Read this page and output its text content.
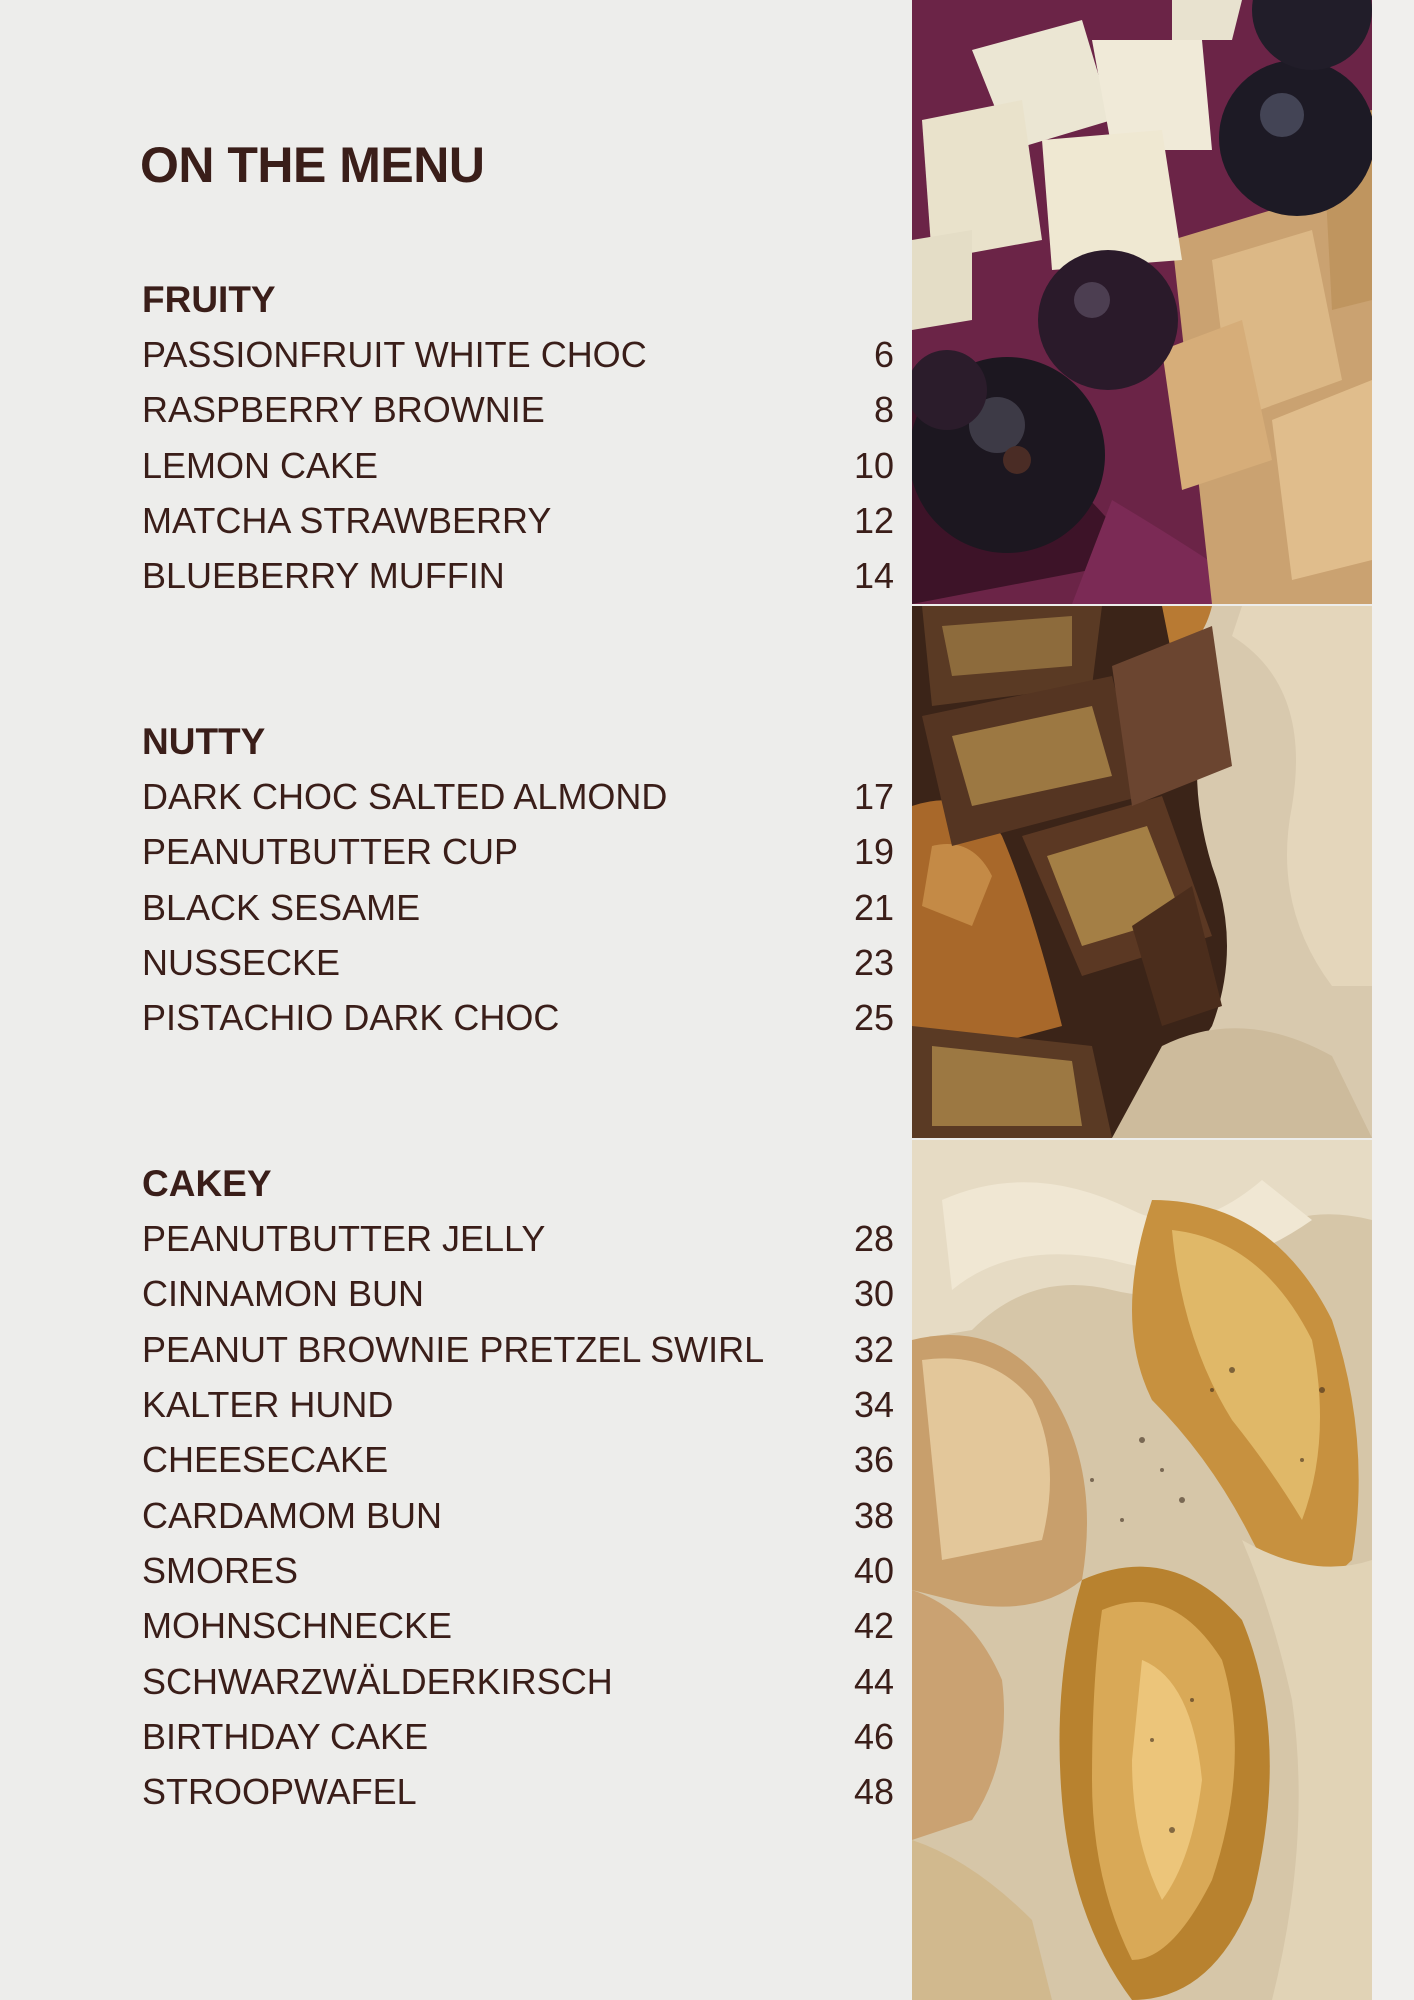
ON THE MENU
FRUITY
PASSIONFRUIT WHITE CHOC	6
RASPBERRY BROWNIE	8
LEMON CAKE	10
MATCHA STRAWBERRY	12
BLUEBERRY MUFFIN	14
NUTTY
DARK CHOC SALTED ALMOND	17
PEANUTBUTTER CUP	19
BLACK SESAME	21
NUSSECKE	23
PISTACHIO DARK CHOC	25
CAKEY
PEANUTBUTTER JELLY	28
CINNAMON BUN	30
PEANUT BROWNIE PRETZEL SWIRL 32
KALTER HUND	34
CHEESECAKE	36
CARDAMOM BUN	38
SMORES	40
MOHNSCHNECKE	42
SCHWARZWÄLDERKIRSCH	44
BIRTHDAY CAKE	46
STROOPWAFEL	48
